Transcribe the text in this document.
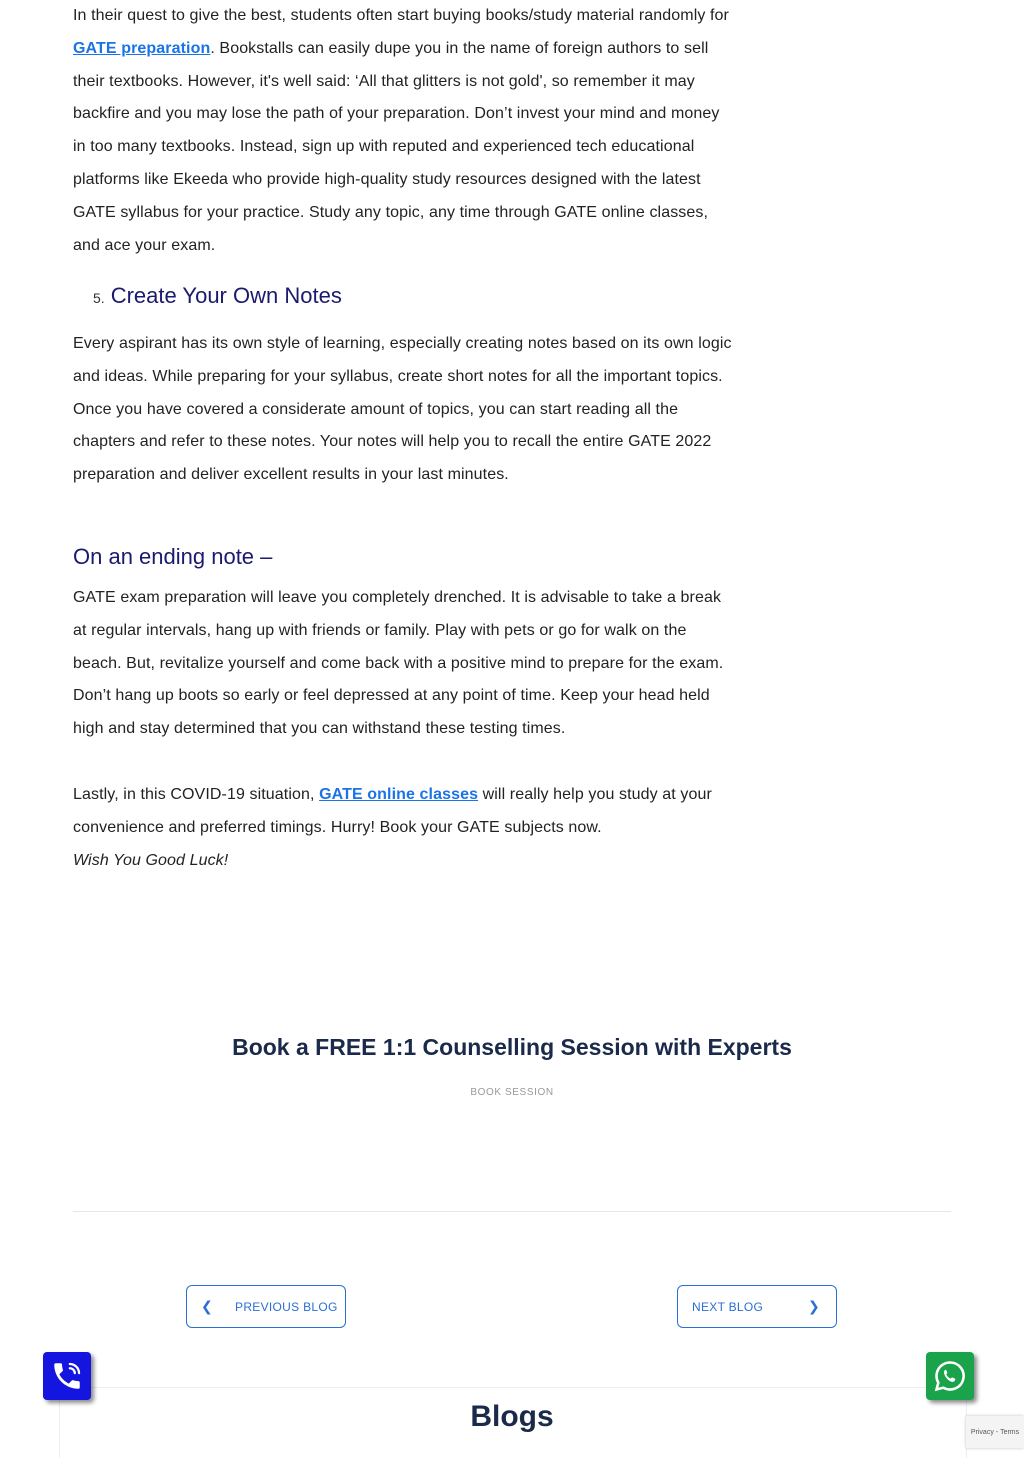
In their quest to give the best, students often start buying books/study material randomly for GATE preparation. Bookstalls can easily dupe you in the name of foreign authors to sell their textbooks. However, it's well said: ‘All that glitters is not gold', so remember it may backfire and you may lose the path of your preparation. Don’t invest your mind and money in too many textbooks. Instead, sign up with reputed and experienced tech educational platforms like Ekeeda who provide high-quality study resources designed with the latest GATE syllabus for your practice. Study any topic, any time through GATE online classes, and ace your exam.

5. Create Your Own Notes

Every aspirant has its own style of learning, especially creating notes based on its own logic and ideas. While preparing for your syllabus, create short notes for all the important topics. Once you have covered a considerate amount of topics, you can start reading all the chapters and refer to these notes. Your notes will help you to recall the entire GATE 2022 preparation and deliver excellent results in your last minutes.

On an ending note –

GATE exam preparation will leave you completely drenched. It is advisable to take a break at regular intervals, hang up with friends or family. Play with pets or go for walk on the beach. But, revitalize yourself and come back with a positive mind to prepare for the exam. Don’t hang up boots so early or feel depressed at any point of time. Keep your head held high and stay determined that you can withstand these testing times.

Lastly, in this COVID-19 situation, GATE online classes will really help you study at your convenience and preferred timings. Hurry! Book your GATE subjects now.

Wish You Good Luck!

Book a FREE 1:1 Counselling Session with Experts
BOOK SESSION
❮ PREVIOUS BLOG	NEXT BLOG	❯
Blogs	Privacy - Terms
